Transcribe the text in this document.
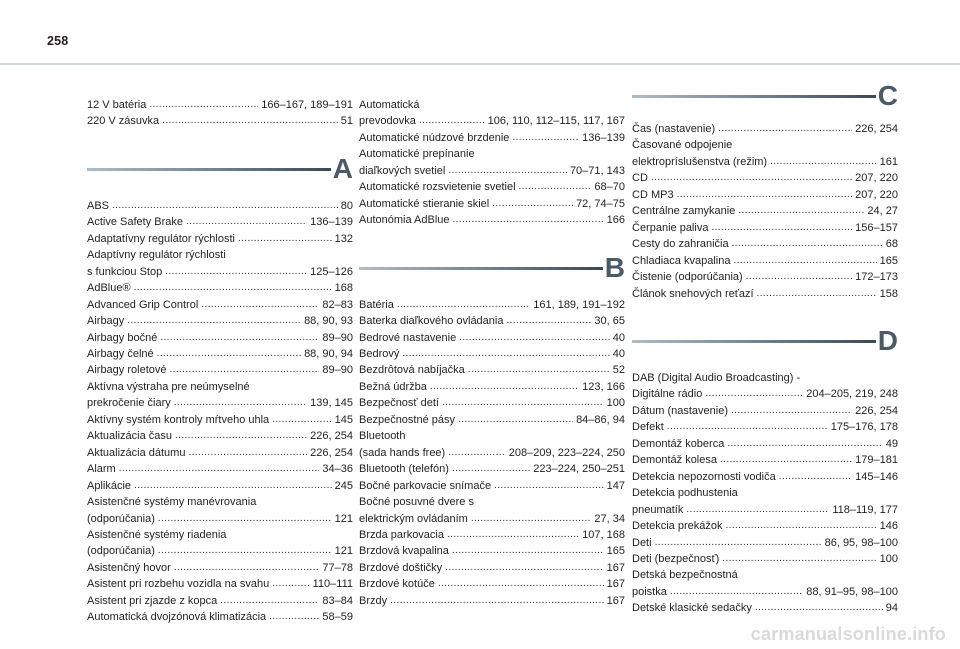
258
12 V batéria . . .	166–167, 189–191
220 V zásuvka . . .	51
A
ABS . . .	80
Active Safety Brake . . .	136–139
Adaptatívny regulátor rýchlosti . . .	132
Adaptívny regulátor rýchlosti
s funkciou Stop . . .	125–126
AdBlue® . . .	168
Advanced Grip Control . . .	82–83
Airbagy . . .	88, 90, 93
Airbagy bočné . . .	89–90
Airbagy čelné . . .	88, 90, 94
Airbagy roletové . . .	89–90
Aktívna výstraha pre neúmyselné
prekročenie čiary . . .	139, 145
Aktívny systém kontroly mŕtveho uhla . . .	145
Aktualizácia času . . .	226, 254
Aktualizácia dátumu . . .	226, 254
Alarm . . .	34–36
Aplikácie . . .	245
Asistenčné systémy manévrovania
(odporúčania) . . .	121
Asistenčné systémy riadenia
(odporúčania) . . .	121
Asistenčný hovor . . .	77–78
Asistent pri rozbehu vozidla na svahu . . .	110–111
Asistent pri zjazde z kopca . . .	83–84
Automatická dvojzónová klimatizácia . . .	58–59
Automatická
prevodovka . . .	106, 110, 112–115, 117, 167
Automatické núdzové brzdenie . . .	136–139
Automatické prepínanie
diaľkových svetiel . . .	70–71, 143
Automatické rozsvietenie svetiel . . .	68–70
Automatické stieranie skiel . . .	72, 74–75
Autonómia AdBlue . . .	166
B
Batéria . . .	161, 189, 191–192
Baterka diaľkového ovládania . . .	30, 65
Bedrové nastavenie . . .	40
Bedrový . . .	40
Bezdrôtová nabíjačka . . .	52
Bežná údržba . . .	123, 166
Bezpečnosť detí . . .	100
Bezpečnostné pásy . . .	84–86, 94
Bluetooth
(sada hands free) . . .	208–209, 223–224, 250
Bluetooth (telefón) . . .	223–224, 250–251
Bočné parkovacie snímače . . .	147
Bočné posuvné dvere s
elektrickým ovládaním . . .	27, 34
Brzda parkovacia . . .	107, 168
Brzdová kvapalina . . .	165
Brzdové doštičky . . .	167
Brzdové kotúče . . .	167
Brzdy . . .	167
C
Čas (nastavenie) . . .	226, 254
Časované odpojenie
elektropríslušenstva (režim) . . .	161
CD . . .	207, 220
CD MP3 . . .	207, 220
Centrálne zamykanie . . .	24, 27
Čerpanie paliva . . .	156–157
Cesty do zahraničia . . .	68
Chladiaca kvapalina . . .	165
Čistenie (odporúčania) . . .	172–173
Článok snehových reťazí . . .	158
D
DAB (Digital Audio Broadcasting) -
Digitálne rádio . . .	204–205, 219, 248
Dátum (nastavenie) . . .	226, 254
Defekt . . .	175–176, 178
Demontáž koberca . . .	49
Demontáž kolesa . . .	179–181
Detekcia nepozornosti vodiča . . .	145–146
Detekcia podhustenia
pneumatík . . .	118–119, 177
Detekcia prekážok . . .	146
Deti . . .	86, 95, 98–100
Deti (bezpečnosť) . . .	100
Detská bezpečnostná
poistka . . .	88, 91–95, 98–100
Detské klasické sedačky . . .	94
carmanualsonline.info
